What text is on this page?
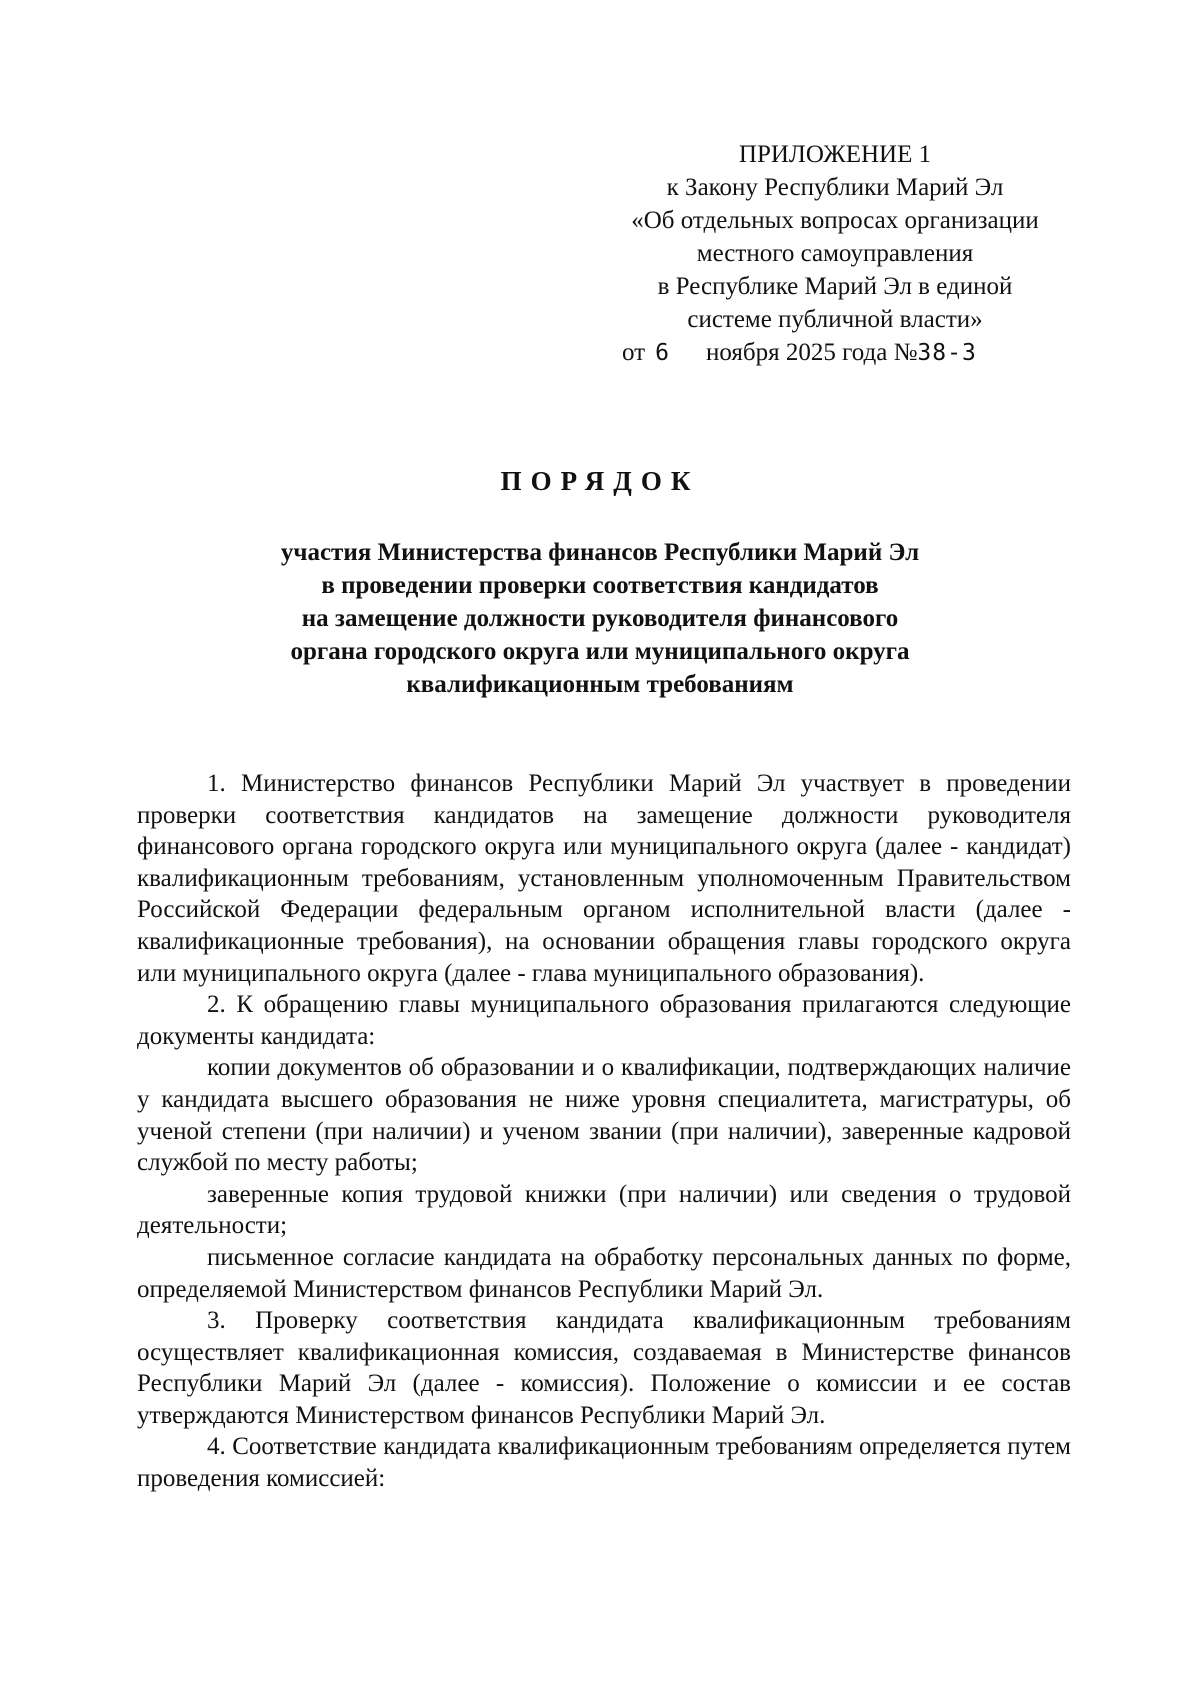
ПРИЛОЖЕНИЕ 1
к Закону Республики Марий Эл
«Об отдельных вопросах организации
местного самоуправления
в Республике Марий Эл в единой
системе публичной власти»
от 6 ноября 2025 года №38-3
ПОРЯДОК
участия Министерства финансов Республики Марий Эл
в проведении проверки соответствия кандидатов
на замещение должности руководителя финансового
органа городского округа или муниципального округа
квалификационным требованиям

1. Министерство финансов Республики Марий Эл участвует в проведении проверки соответствия кандидатов на замещение должности руководителя финансового органа городского округа или муниципального округа (далее - кандидат) квалификационным требованиям, установленным уполномоченным Правительством Российской Федерации федеральным органом исполнительной власти (далее - квалификационные требования), на основании обращения главы городского округа или муниципального округа (далее - глава муниципального образования).

2. К обращению главы муниципального образования прилагаются следующие документы кандидата:

копии документов об образовании и о квалификации, подтверждающих наличие у кандидата высшего образования не ниже уровня специалитета, магистратуры, об ученой степени (при наличии) и ученом звании (при наличии), заверенные кадровой службой по месту работы;

заверенные копия трудовой книжки (при наличии) или сведения о трудовой деятельности;

письменное согласие кандидата на обработку персональных данных по форме, определяемой Министерством финансов Республики Марий Эл.

3. Проверку соответствия кандидата квалификационным требованиям осуществляет квалификационная комиссия, создаваемая в Министерстве финансов Республики Марий Эл (далее - комиссия). Положение о комиссии и ее состав утверждаются Министерством финансов Республики Марий Эл.

4. Соответствие кандидата квалификационным требованиям определяется путем проведения комиссией:
